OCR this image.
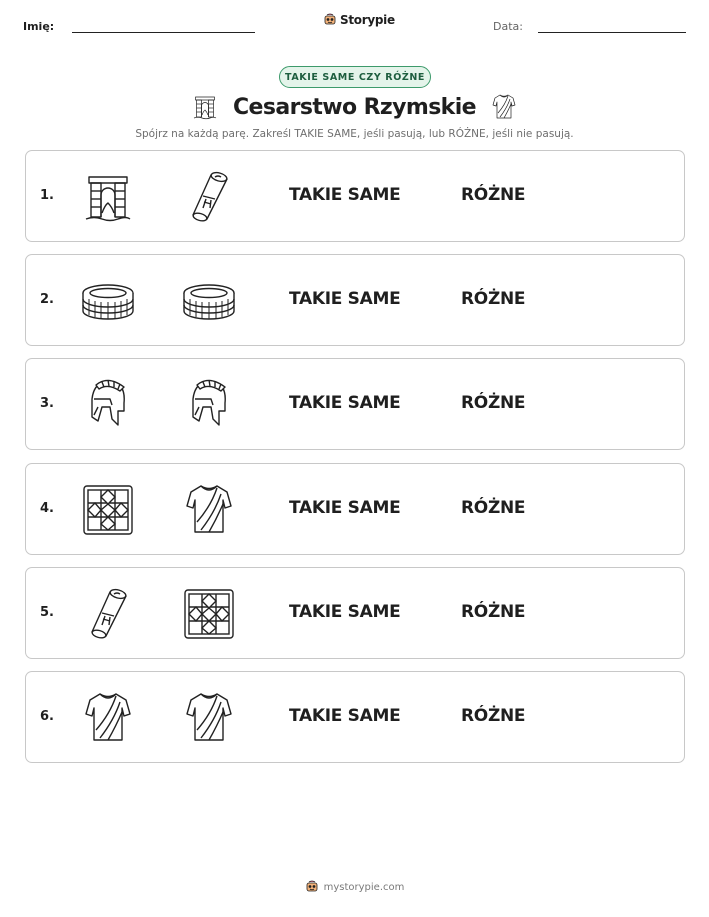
Imię:	Storypie	Data:
TAKIE SAME CZY RÓŻNE
Cesarstwo Rzymskie

Spójrz na każdą parę. Zakreśl TAKIE SAME, jeśli pasują, lub RÓŻNE, jeśli nie pasują.

1.	TAKIE SAME	RÓŻNE
2.	TAKIE SAME	RÓŻNE
3.	TAKIE SAME	RÓŻNE
4.	TAKIE SAME	RÓŻNE
5.	TAKIE SAME	RÓŻNE
6.	TAKIE SAME	RÓŻNE
mystorypie.com
